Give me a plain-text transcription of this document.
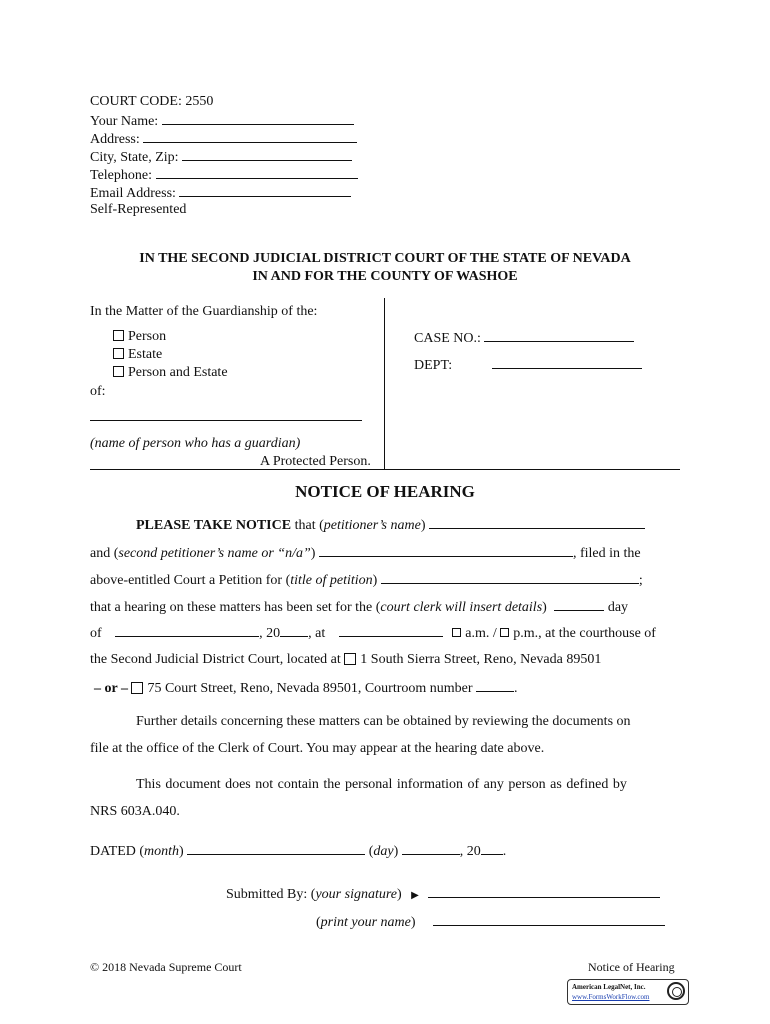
COURT CODE: 2550
Your Name:
Address:
City, State, Zip:
Telephone:
Email Address:
Self-Represented
IN THE SECOND JUDICIAL DISTRICT COURT OF THE STATE OF NEVADA
IN AND FOR THE COUNTY OF WASHOE
In the Matter of the Guardianship of the:
Person
Estate
Person and Estate
of:
(name of person who has a guardian)
A Protected Person.
CASE NO.:
DEPT:
NOTICE OF HEARING
PLEASE TAKE NOTICE that (petitioner’s name)
and (second petitioner’s name or “n/a”)	, filed in the
above-entitled Court a Petition for (title of petition)	;
that a hearing on these matters has been set for the (court clerk will insert details)	day
of	, 20 , at	a.m. / p.m., at the courthouse of
the Second Judicial District Court, located at 1 South Sierra Street, Reno, Nevada 89501
– or – 75 Court Street, Reno, Nevada 89501, Courtroom number	.
Further details concerning these matters can be obtained by reviewing the documents on
file at the office of the Clerk of Court. You may appear at the hearing date above.
This document does not contain the personal information of any person as defined by
NRS 603A.040.
DATED (month)	(day)	, 20 .
Submitted By: (your signature) ▶
(print your name)
© 2018 Nevada Supreme Court	Notice of Hearing
American LegalNet, Inc.
www.FormsWorkFlow.com
